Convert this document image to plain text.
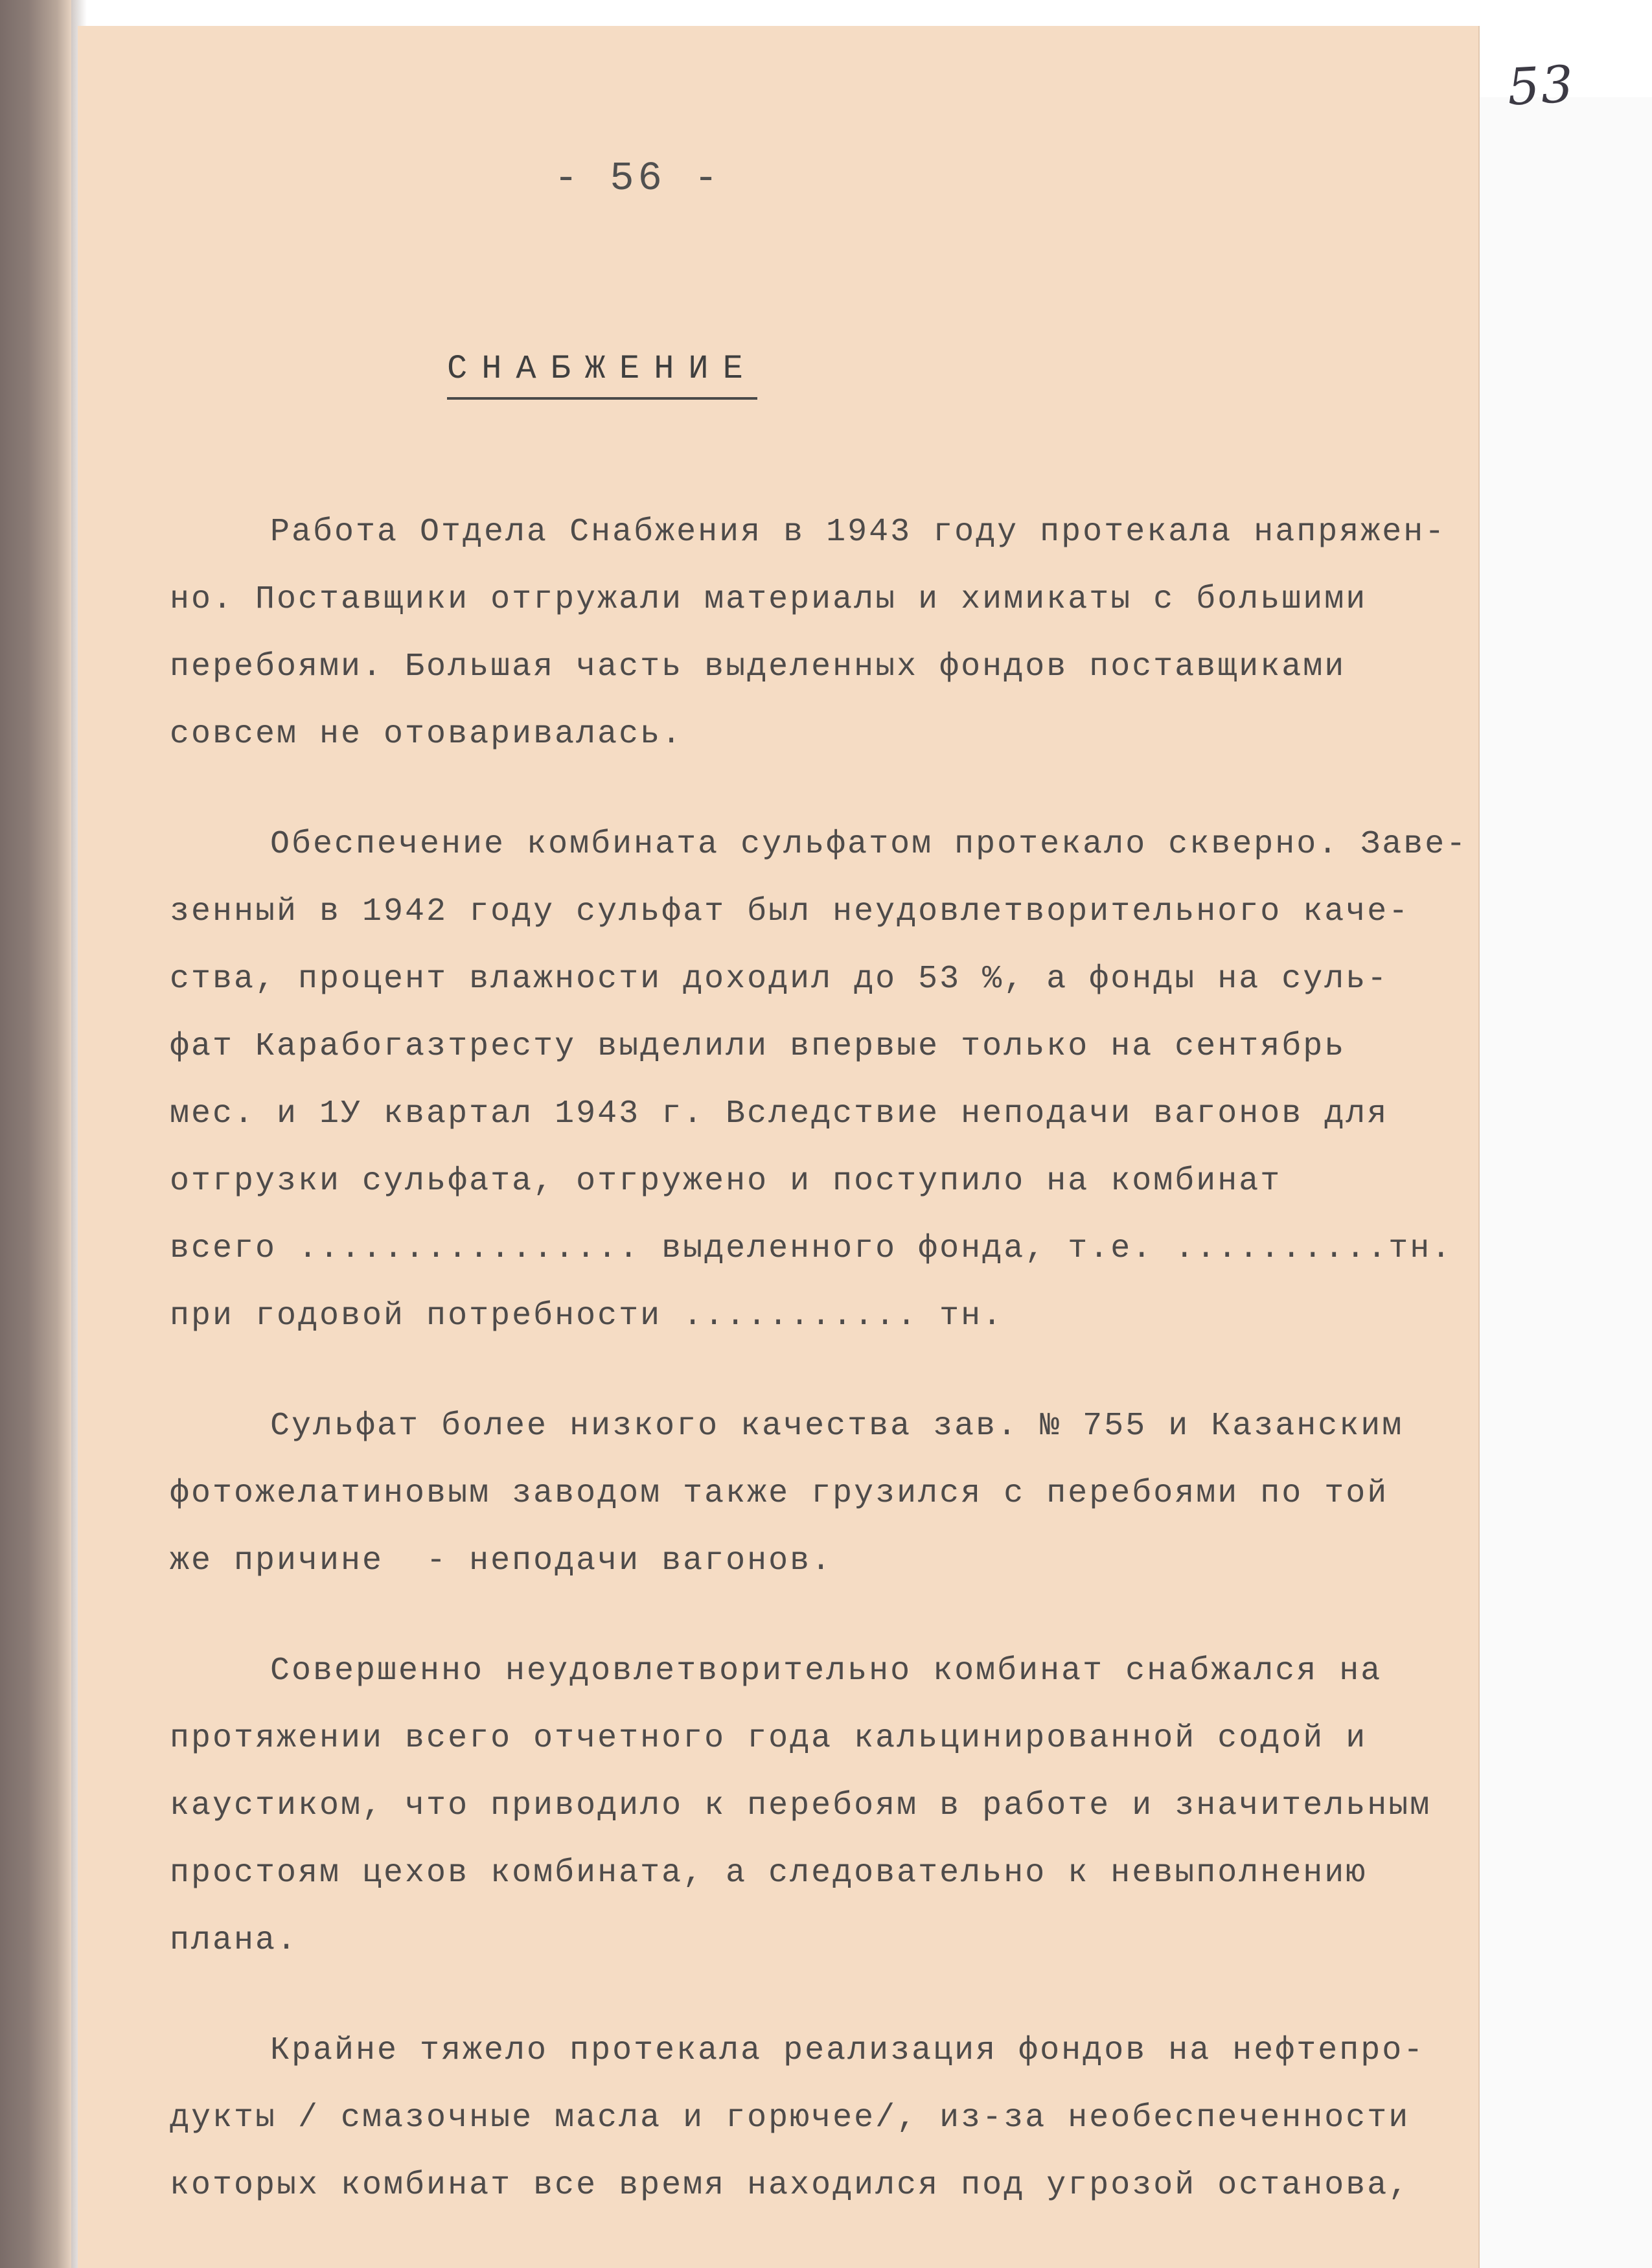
53
- 56 -
СНАБЖЕНИЕ
Работа Отдела Снабжения в 1943 году протекала напряжен-
но. Поставщики отгружали материалы и химикаты с большими
перебоями. Большая часть выделенных фондов поставщиками
совсем не отоваривалась.
Обеспечение комбината сульфатом протекало скверно. Заве-
зенный в 1942 году сульфат был неудовлетворительного каче-
ства, процент влажности доходил до 53 %, а фонды на суль-
фат Карабогазтресту выделили впервые только на сентябрь
мес. и 1У квартал 1943 г. Вследствие неподачи вагонов для
отгрузки сульфата, отгружено и поступило на комбинат
всего ................ выделенного фонда, т.е. ..........тн.
при годовой потребности ........... тн.
Сульфат более низкого качества зав. № 755 и Казанским
фотожелатиновым заводом также грузился с перебоями по той
же причине  - неподачи вагонов.
Совершенно неудовлетворительно комбинат снабжался на
протяжении всего отчетного года кальцинированной содой и
каустиком, что приводило к перебоям в работе и значительным
простоям цехов комбината, а следовательно к невыполнению
плана.
Крайне тяжело протекала реализация фондов на нефтепро-
дукты / смазочные масла и горючее/, из-за необеспеченности
которых комбинат все время находился под угрозой останова,
